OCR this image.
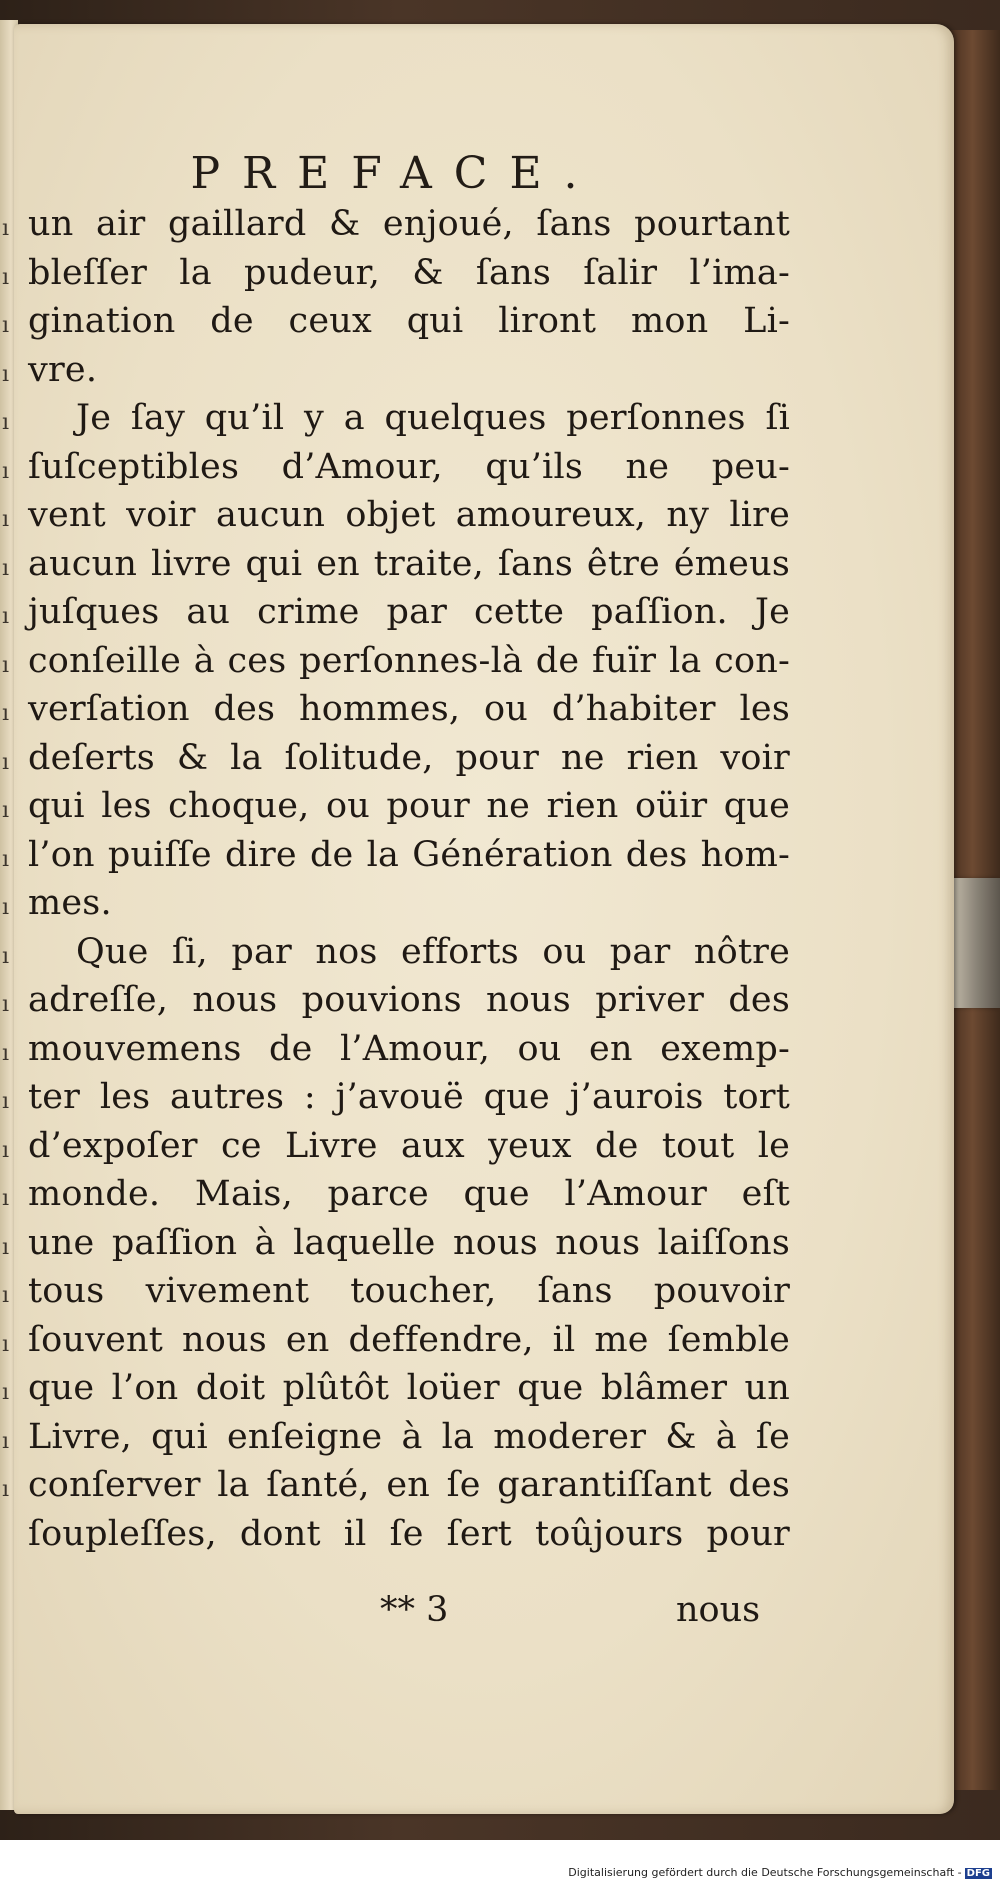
ı
ı
ı
ı
ı
ı
ı
ı
ı
ı
ı
ı
ı
ı
ı
ı
ı
ı
ı
ı
ı
ı
ı
ı
ı
ı
ı
PREFACE.
un air gaillard & enjoué, ſans pourtant
bleſſer la pudeur, & ſans ſalir l’ima-
gination de ceux qui liront mon Li-
vre.
Je ſay qu’il y a quelques perſonnes ſi
ſuſceptibles d’Amour, qu’ils ne peu-
vent voir aucun objet amoureux, ny lire
aucun livre qui en traite, ſans être émeus
juſques au crime par cette paſſion. Je
conſeille à ces perſonnes-là de fuïr la con-
verſation des hommes, ou d’habiter les
deſerts & la ſolitude, pour ne rien voir
qui les choque, ou pour ne rien oüir que
l’on puiſſe dire de la Génération des hom-
mes.
Que ſi, par nos efforts ou par nôtre
adreſſe, nous pouvions nous priver des
mouvemens de l’Amour, ou en exemp-
ter les autres : j’avouë que j’aurois tort
d’expoſer ce Livre aux yeux de tout le
monde. Mais, parce que l’Amour eſt
une paſſion à laquelle nous nous laiſſons
tous vivement toucher, ſans pouvoir
ſouvent nous en deffendre, il me ſemble
que l’on doit plûtôt loüer que blâmer un
Livre, qui enſeigne à la moderer & à ſe
conſerver la ſanté, en ſe garantiſſant des
ſoupleſſes, dont il ſe ſert toûjours pour
** 3	nous
Digitalisierung gefördert durch die Deutsche Forschungsgemeinschaft - DFG
